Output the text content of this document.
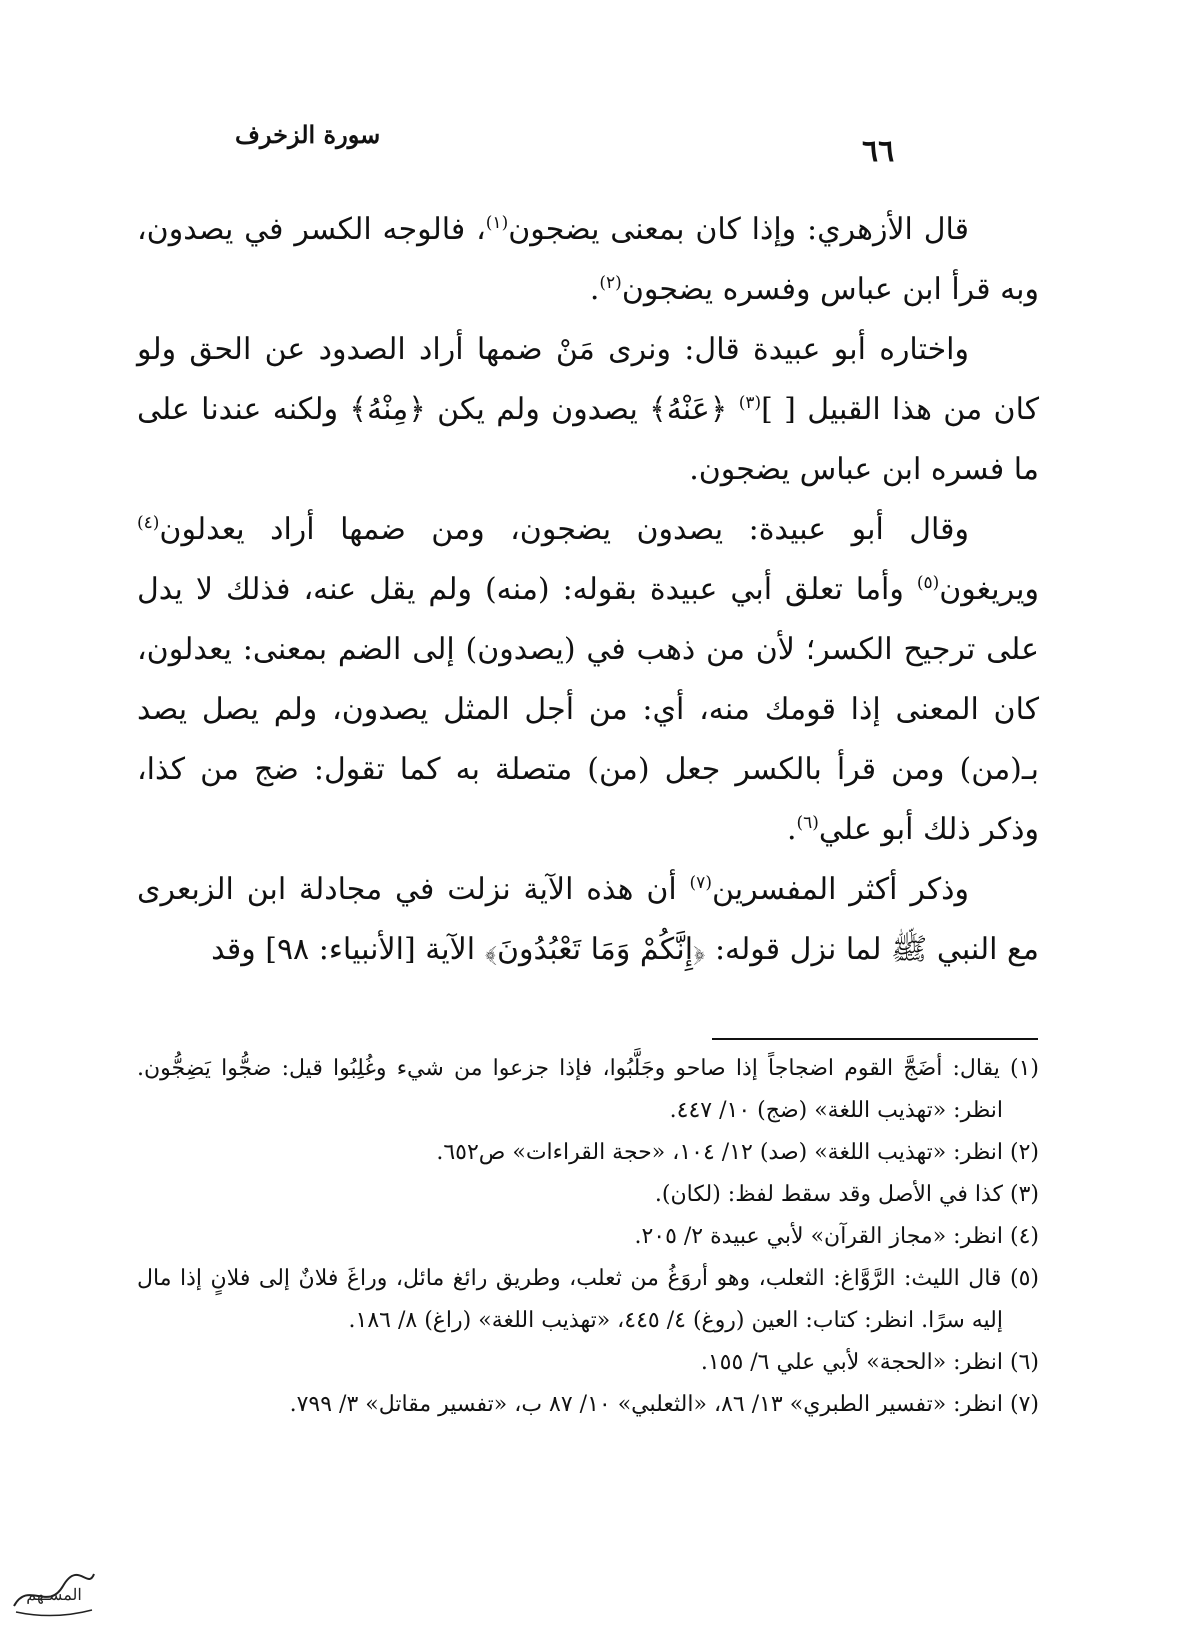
٦٦
سورة الزخرف

قال الأزهري: وإذا كان بمعنى يضجون$^{(١)}$، فالوجه الكسر في يصدون، وبه قرأ ابن عباس وفسره يضجون$^{(٢)}$.

واختاره أبو عبيدة قال: ونرى مَنْ ضمها أراد الصدود عن الحق ولو كان من هذا القبيل [ ]$^{(٣)}$ ﴿عَنْهُ﴾ يصدون ولم يكن ﴿مِنْهُ﴾ ولكنه عندنا على ما فسره ابن عباس يضجون.

وقال أبو عبيدة: يصدون يضجون، ومن ضمها أراد يعدلون$^{(٤)}$ ويريغون$^{(٥)}$ وأما تعلق أبي عبيدة بقوله: (منه) ولم يقل عنه، فذلك لا يدل على ترجيح الكسر؛ لأن من ذهب في (يصدون) إلى الضم بمعنى: يعدلون، كان المعنى إذا قومك منه، أي: من أجل المثل يصدون، ولم يصل يصد بـ(من) ومن قرأ بالكسر جعل (من) متصلة به كما تقول: ضج من كذا، وذكر ذلك أبو علي$^{(٦)}$.

وذكر أكثر المفسرين$^{(٧)}$ أن هذه الآية نزلت في مجادلة ابن الزبعرى مع النبي ﷺ لما نزل قوله: ﴿إِنَّكُمْ وَمَا تَعْبُدُونَ﴾ الآية [الأنبياء: ٩٨] وقد

(١) يقال: أضَجَّ القوم اضجاجاً إذا صاحو وجَلَّبُوا، فإذا جزعوا من شيء وغُلِبُوا قيل: ضجُّوا يَضِجُّون. انظر: «تهذيب اللغة» (ضج) ١٠/ ٤٤٧.

(٢) انظر: «تهذيب اللغة» (صد) ١٢/ ١٠٤، «حجة القراءات» ص٦٥٢.

(٣) كذا في الأصل وقد سقط لفظ: (لكان).

(٤) انظر: «مجاز القرآن» لأبي عبيدة ٢/ ٢٠٥.

(٥) قال الليث: الرَّوَّاغ: الثعلب، وهو أروَغُ من ثعلب، وطريق رائغ مائل، وراغَ فلانٌ إلى فلانٍ إذا مال إليه سرًا. انظر: كتاب: العين (روغ) ٤/ ٤٤٥، «تهذيب اللغة» (راغ) ٨/ ١٨٦.

(٦) انظر: «الحجة» لأبي علي ٦/ ١٥٥.

(٧) انظر: «تفسير الطبري» ١٣/ ٨٦، «الثعلبي» ١٠/ ٨٧ ب، «تفسير مقاتل» ٣/ ٧٩٩.

المسـهم
